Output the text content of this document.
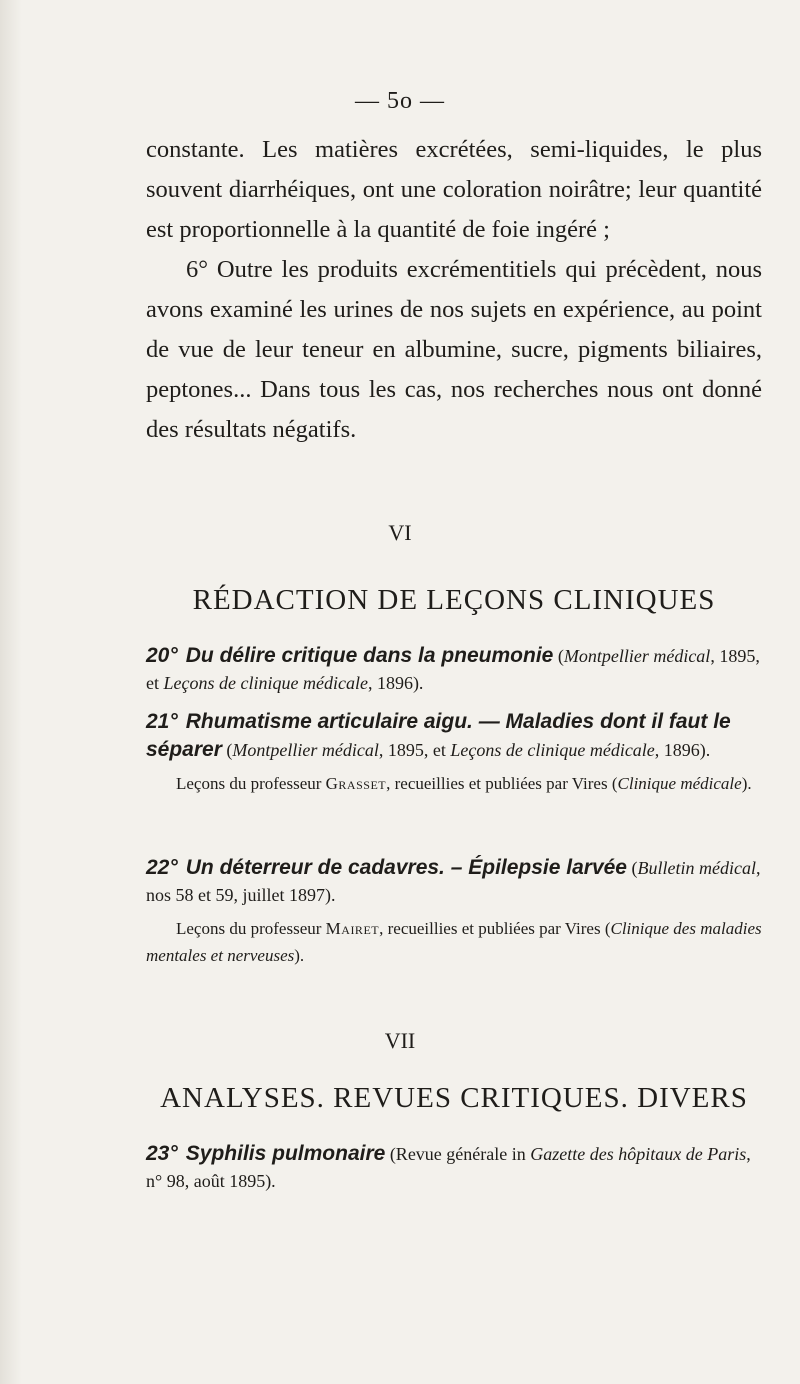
— 5o —

constante. Les matières excrétées, semi-liquides, le plus souvent diarrhéiques, ont une coloration noirâtre; leur quantité est proportionnelle à la quantité de foie ingéré ;

6° Outre les produits excrémentitiels qui précèdent, nous avons examiné les urines de nos sujets en expérience, au point de vue de leur teneur en albumine, sucre, pigments biliaires, peptones... Dans tous les cas, nos recherches nous ont donné des résultats négatifs.

VI
RÉDACTION DE LEÇONS CLINIQUES

20° Du délire critique dans la pneumonie (Montpellier médical, 1895, et Leçons de clinique médicale, 1896).

21° Rhumatisme articulaire aigu. — Maladies dont il faut le séparer (Montpellier médical, 1895, et Leçons de clinique médicale, 1896).

Leçons du professeur Grasset, recueillies et publiées par Vires (Clinique médicale).

22° Un déterreur de cadavres. – Épilepsie larvée (Bulletin médical, nos 58 et 59, juillet 1897).

Leçons du professeur Mairet, recueillies et publiées par Vires (Clinique des maladies mentales et nerveuses).

VII
ANALYSES. REVUES CRITIQUES. DIVERS

23° Syphilis pulmonaire (Revue générale in Gazette des hôpitaux de Paris, n° 98, août 1895).
